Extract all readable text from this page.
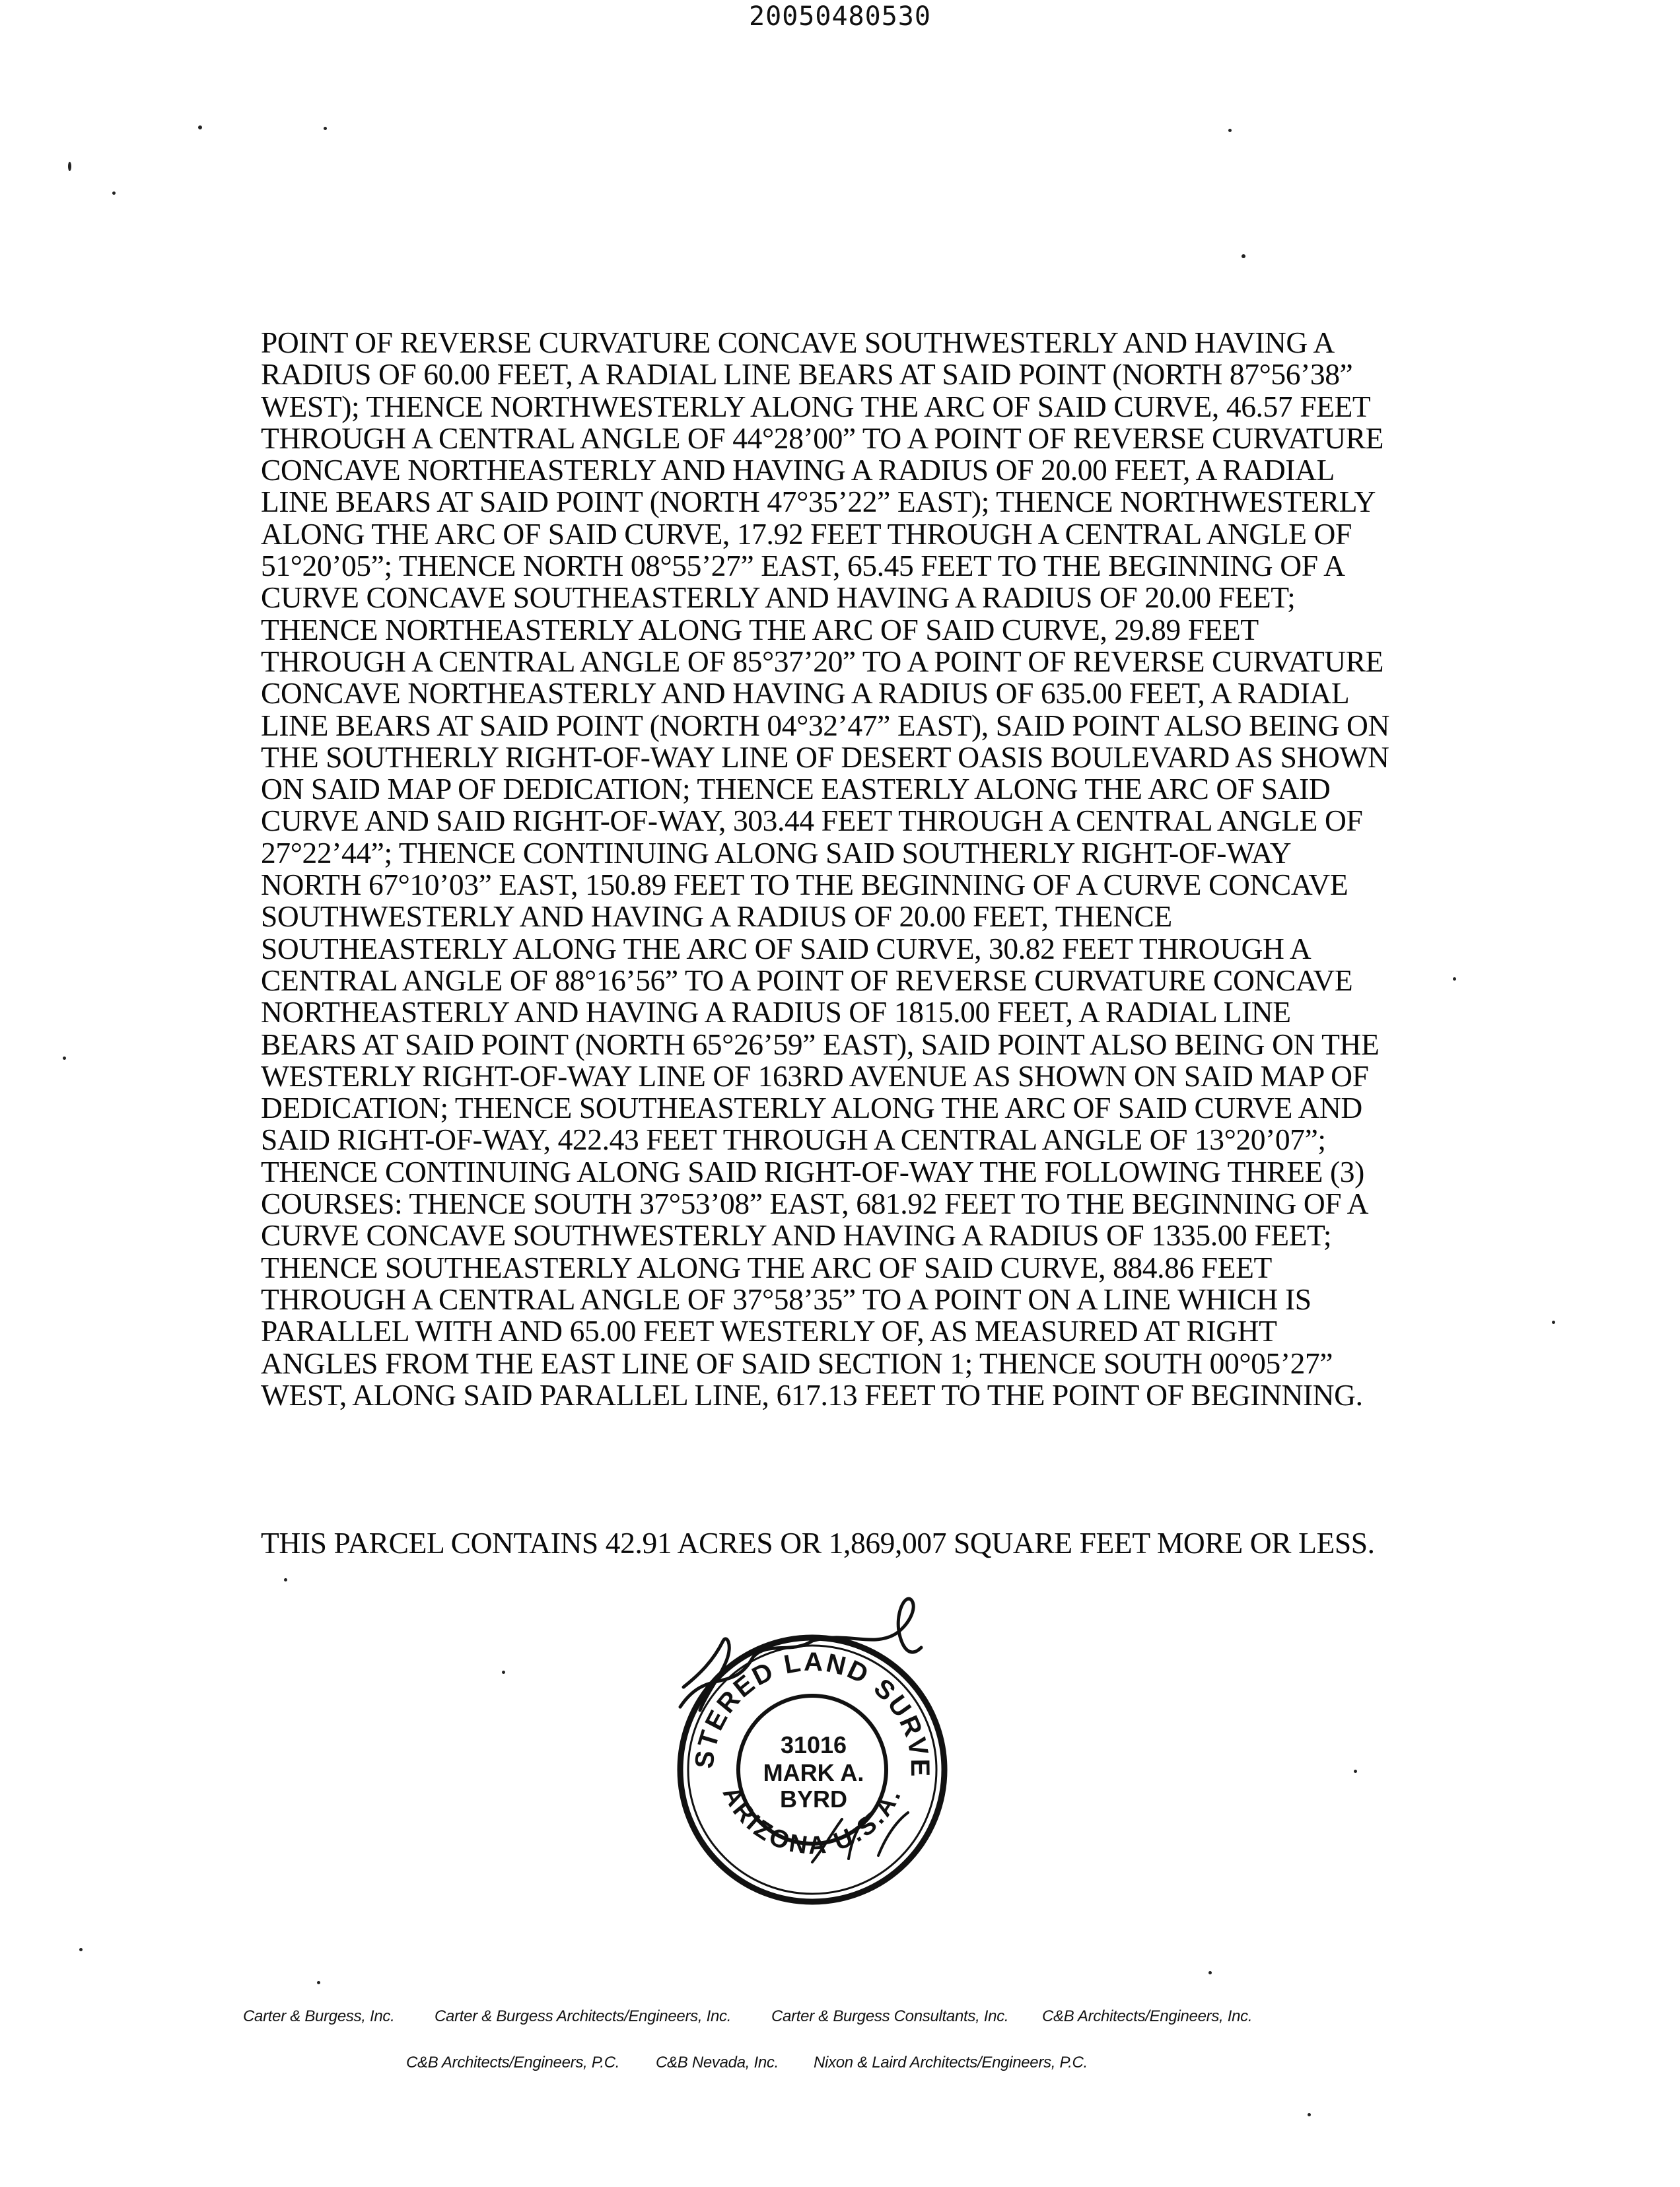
20050480530
POINT OF REVERSE CURVATURE CONCAVE SOUTHWESTERLY AND HAVING A
RADIUS OF 60.00 FEET, A RADIAL LINE BEARS AT SAID POINT (NORTH 87°56’38”
WEST); THENCE NORTHWESTERLY ALONG THE ARC OF SAID CURVE, 46.57 FEET
THROUGH A CENTRAL ANGLE OF 44°28’00” TO A POINT OF REVERSE CURVATURE
CONCAVE NORTHEASTERLY AND HAVING A RADIUS OF 20.00 FEET, A RADIAL
LINE BEARS AT SAID POINT (NORTH 47°35’22” EAST); THENCE NORTHWESTERLY
ALONG THE ARC OF SAID CURVE, 17.92 FEET THROUGH A CENTRAL ANGLE OF
51°20’05”; THENCE NORTH 08°55’27” EAST, 65.45 FEET TO THE BEGINNING OF A
CURVE CONCAVE SOUTHEASTERLY AND HAVING A RADIUS OF 20.00 FEET;
THENCE NORTHEASTERLY ALONG THE ARC OF SAID CURVE, 29.89 FEET
THROUGH A CENTRAL ANGLE OF 85°37’20” TO A POINT OF REVERSE CURVATURE
CONCAVE NORTHEASTERLY AND HAVING A RADIUS OF 635.00 FEET, A RADIAL
LINE BEARS AT SAID POINT (NORTH 04°32’47” EAST), SAID POINT ALSO BEING ON
THE SOUTHERLY RIGHT-OF-WAY LINE OF DESERT OASIS BOULEVARD AS SHOWN
ON SAID MAP OF DEDICATION; THENCE EASTERLY ALONG THE ARC OF SAID
CURVE AND SAID RIGHT-OF-WAY, 303.44 FEET THROUGH A CENTRAL ANGLE OF
27°22’44”; THENCE CONTINUING ALONG SAID SOUTHERLY RIGHT-OF-WAY
NORTH 67°10’03” EAST, 150.89 FEET TO THE BEGINNING OF A CURVE CONCAVE
SOUTHWESTERLY AND HAVING A RADIUS OF 20.00 FEET, THENCE
SOUTHEASTERLY ALONG THE ARC OF SAID CURVE, 30.82 FEET THROUGH A
CENTRAL ANGLE OF 88°16’56” TO A POINT OF REVERSE CURVATURE CONCAVE
NORTHEASTERLY AND HAVING A RADIUS OF 1815.00 FEET, A RADIAL LINE
BEARS AT SAID POINT (NORTH 65°26’59” EAST), SAID POINT ALSO BEING ON THE
WESTERLY RIGHT-OF-WAY LINE OF 163RD AVENUE AS SHOWN ON SAID MAP OF
DEDICATION; THENCE SOUTHEASTERLY ALONG THE ARC OF SAID CURVE AND
SAID RIGHT-OF-WAY, 422.43 FEET THROUGH A CENTRAL ANGLE OF 13°20’07”;
THENCE CONTINUING ALONG SAID RIGHT-OF-WAY THE FOLLOWING THREE (3)
COURSES: THENCE SOUTH 37°53’08” EAST, 681.92 FEET TO THE BEGINNING OF A
CURVE CONCAVE SOUTHWESTERLY AND HAVING A RADIUS OF 1335.00 FEET;
THENCE SOUTHEASTERLY ALONG THE ARC OF SAID CURVE, 884.86 FEET
THROUGH A CENTRAL ANGLE OF 37°58’35” TO A POINT ON A LINE WHICH IS
PARALLEL WITH AND 65.00 FEET WESTERLY OF, AS MEASURED AT RIGHT
ANGLES FROM THE EAST LINE OF SAID SECTION 1; THENCE SOUTH 00°05’27”
WEST, ALONG SAID PARALLEL LINE, 617.13 FEET TO THE POINT OF BEGINNING.
THIS PARCEL CONTAINS 42.91 ACRES OR 1,869,007 SQUARE FEET MORE OR LESS.
STERED LAND SURVE
ARIZONA U.S.A.
31016
MARK A.
BYRD
Carter & Burgess, Inc.	Carter & Burgess Architects/Engineers, Inc.	Carter & Burgess Consultants, Inc. C&B Architects/Engineers, Inc.
C&B Architects/Engineers, P.C. C&B Nevada, Inc. Nixon & Laird Architects/Engineers, P.C.
